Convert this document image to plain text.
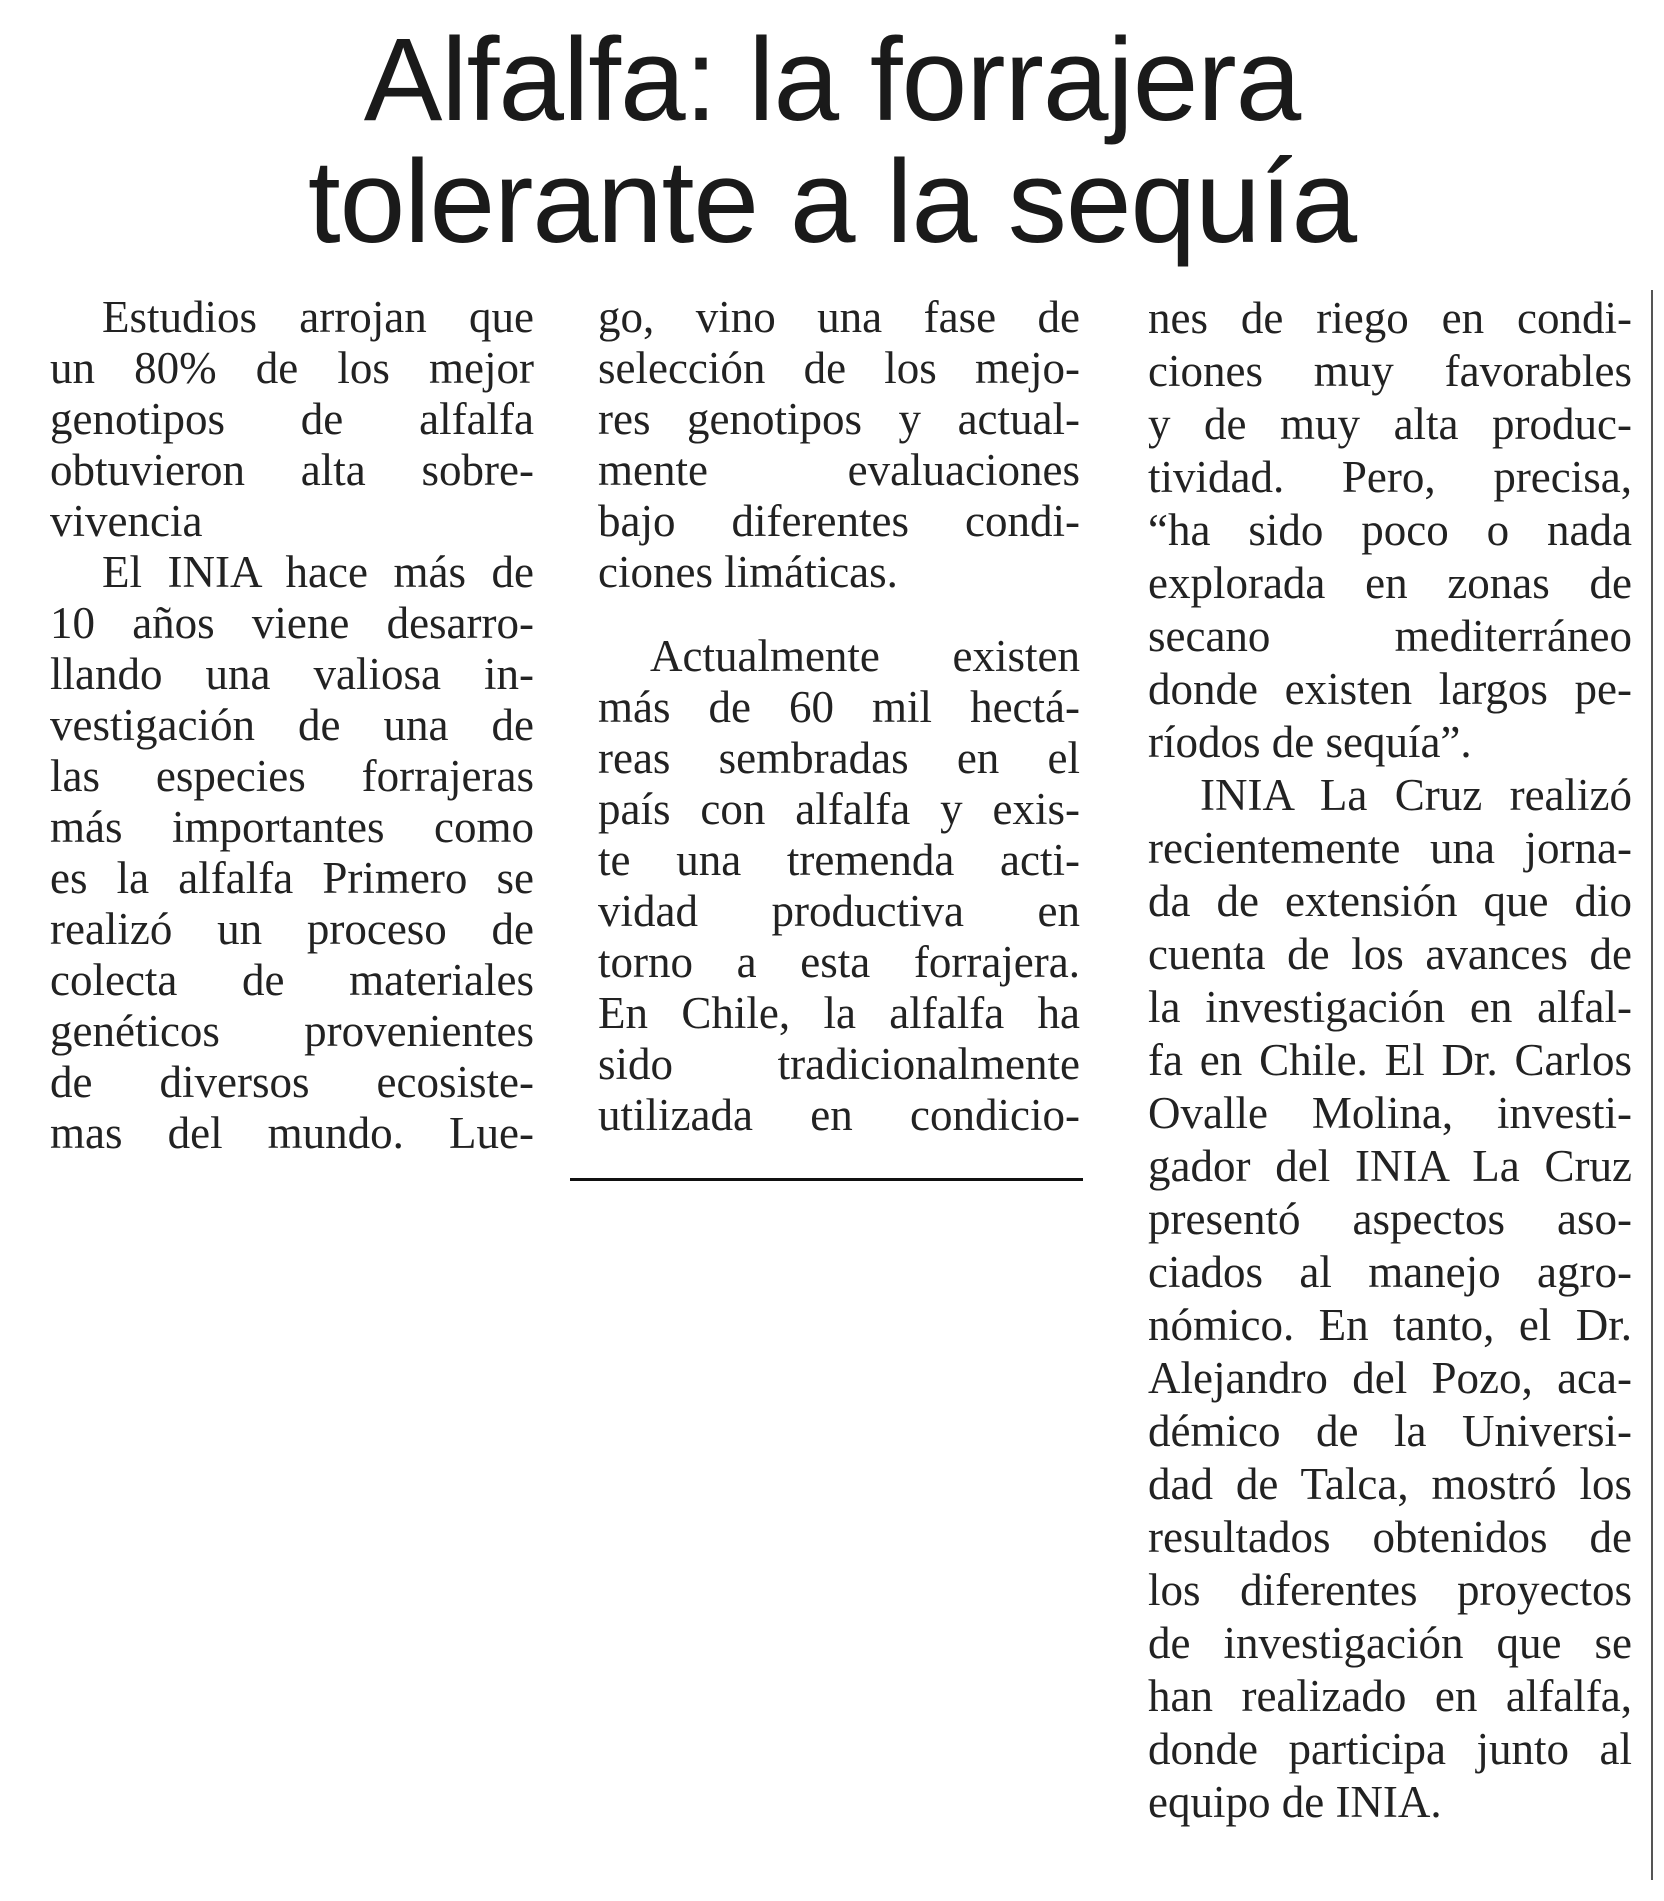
Alfalfa: la forrajera
tolerante a la sequía
Estudios arrojan que
un 80% de los mejor
genotipos de alfalfa
obtuvieron alta sobre-
vivencia
El INIA hace más de
10 años viene desarro-
llando una valiosa in-
vestigación de una de
las especies forrajeras
más importantes como
es la alfalfa Primero se
realizó un proceso de
colecta de materiales
genéticos provenientes
de diversos ecosiste-
mas del mundo. Lue-
go, vino una fase de
selección de los mejo-
res genotipos y actual-
mente evaluaciones
bajo diferentes condi-
ciones limáticas.
Actualmente existen
más de 60 mil hectá-
reas sembradas en el
país con alfalfa y exis-
te una tremenda acti-
vidad productiva en
torno a esta forrajera.
En Chile, la alfalfa ha
sido tradicionalmente
utilizada en condicio-
nes de riego en condi-
ciones muy favorables
y de muy alta produc-
tividad. Pero, precisa,
“ha sido poco o nada
explorada en zonas de
secano mediterráneo
donde existen largos pe-
ríodos de sequía”.
INIA La Cruz realizó
recientemente una jorna-
da de extensión que dio
cuenta de los avances de
la investigación en alfal-
fa en Chile. El Dr. Carlos
Ovalle Molina, investi-
gador del INIA La Cruz
presentó aspectos aso-
ciados al manejo agro-
nómico. En tanto, el Dr.
Alejandro del Pozo, aca-
démico de la Universi-
dad de Talca, mostró los
resultados obtenidos de
los diferentes proyectos
de investigación que se
han realizado en alfalfa,
donde participa junto al
equipo de INIA.
